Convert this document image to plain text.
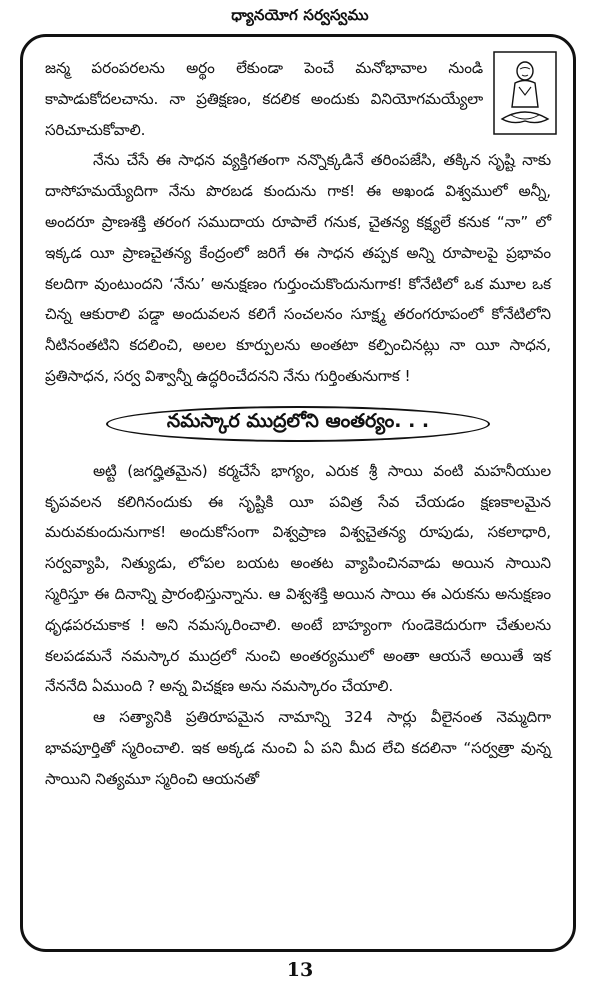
ధ్యానయోగ సర్వస్వము

జన్మ పరంపరలను అర్థం లేకుండా పెంచే మనోభావాల నుండి కాపాడుకోదలచాను. నా ప్రతిక్షణం, కదలిక అందుకు వినియోగమయ్యేలా సరిచూచుకోవాలి.

నేను చేసే ఈ సాధన వ్యక్తిగతంగా నన్నొక్కడినే తరింపజేసి, తక్కిన సృష్టి నాకు దాసోహమయ్యేదిగా నేను పొరబడ కుందును గాక! ఈ అఖండ విశ్వములో అన్నీ, అందరూ ప్రాణశక్తి తరంగ సముదాయ రూపాలే గనుక, చైతన్య కక్ష్యలే కనుక “నా” లో ఇక్కడ యీ ప్రాణచైతన్య కేంద్రంలో జరిగే ఈ సాధన తప్పక అన్ని రూపాలపై ప్రభావం కలదిగా వుంటుందని ‘నేను’ అనుక్షణం గుర్తుంచుకొందునుగాక! కోనేటిలో ఒక మూల ఒక చిన్న ఆకురాలి పడ్డా అందువలన కలిగే సంచలనం సూక్ష్మ తరంగరూపంలో కోనేటిలోని నీటినంతటిని కదలించి, అలల కూర్పులను అంతటా కల్పించినట్లు నా యీ సాధన, ప్రతిసాధన, సర్వ విశ్వాన్నీ ఉద్ధరించేదనని నేను గుర్తింతునుగాక !

నమస్కార ముద్రలోని ఆంతర్యం. . .

అట్టి (జగద్హితమైన) కర్మచేసే భాగ్యం, ఎరుక శ్రీ సాయి వంటి మహనీయుల కృపవలన కలిగినందుకు ఈ సృష్టికి యీ పవిత్ర సేవ చేయడం క్షణకాలమైన మరువకుందునుగాక! అందుకోసంగా విశ్వప్రాణ విశ్వచైతన్య రూపుడు, సకలాధారి, సర్వవ్యాపి, నిత్యుడు, లోపల బయట అంతట వ్యాపించినవాడు అయిన సాయిని స్మరిస్తూ ఈ దినాన్ని ప్రారంభిస్తున్నాను. ఆ విశ్వశక్తి అయిన సాయి ఈ ఎరుకను అనుక్షణం ధృఢపరచుకాక ! అని నమస్కరించాలి. అంటే బాహ్యంగా గుండెకెదురుగా చేతులను కలపడమనే నమస్కార ముద్రలో నుంచి అంతర్యములో అంతా ఆయనే అయితే ఇక నేననేది ఏముంది ? అన్న విచక్షణ అను నమస్కారం చేయాలి.

ఆ సత్యానికి ప్రతిరూపమైన నామాన్ని 324 సార్లు వీలైనంత నెమ్మదిగా భావపూర్తితో స్మరించాలి. ఇక అక్కడ నుంచి ఏ పని మీద లేచి కదలినా “సర్వత్రా వున్న సాయిని నిత్యమూ స్మరించి ఆయనతో

13
